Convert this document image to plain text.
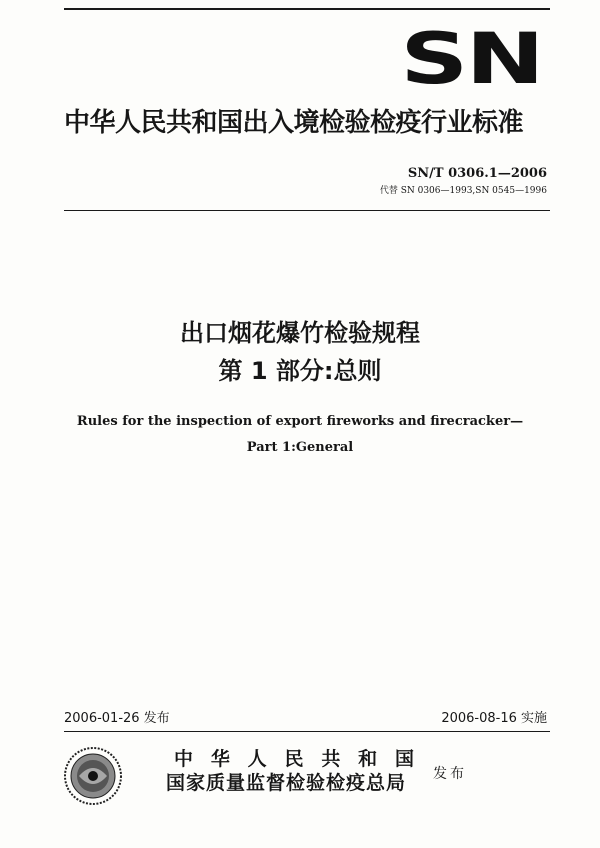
SN
中华人民共和国出入境检验检疫行业标准
SN/T 0306.1—2006
代替 SN 0306—1993,SN 0545—1996
出口烟花爆竹检验规程
第 1 部分:总则
Rules for the inspection of export fireworks and firecracker—
Part 1:General
2006-01-26 发布	2006-08-16 实施
中 华 人 民 共 和 国
国家质量监督检验检疫总局 发布
